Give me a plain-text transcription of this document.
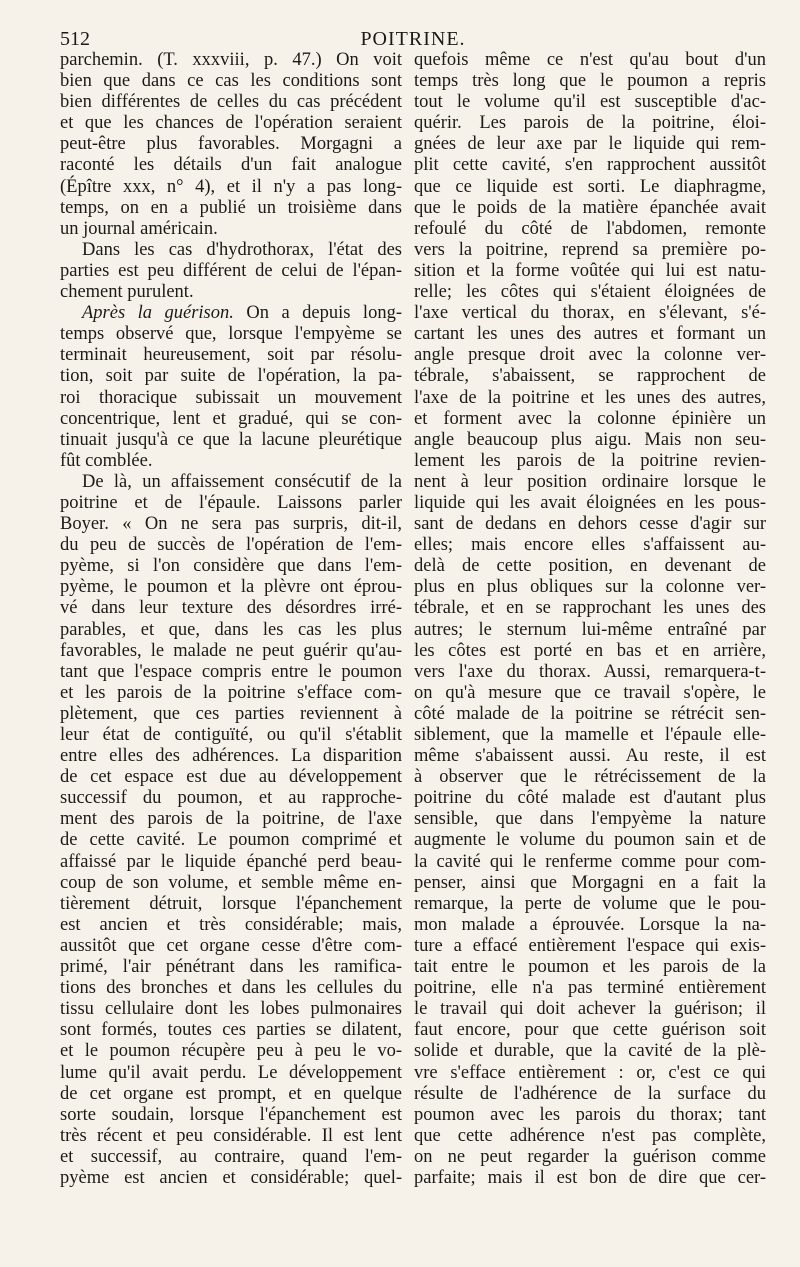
512	POITRINE.
parchemin. (T. xxxviii, p. 47.) On voit
bien que dans ce cas les conditions sont
bien différentes de celles du cas précédent
et que les chances de l'opération seraient
peut-être plus favorables. Morgagni a
raconté les détails d'un fait analogue
(Épître xxx, n° 4), et il n'y a pas long-
temps, on en a publié un troisième dans
un journal américain.
Dans les cas d'hydrothorax, l'état des
parties est peu différent de celui de l'épan-
chement purulent.
Après la guérison. On a depuis long-
temps observé que, lorsque l'empyème se
terminait heureusement, soit par résolu-
tion, soit par suite de l'opération, la pa-
roi thoracique subissait un mouvement
concentrique, lent et gradué, qui se con-
tinuait jusqu'à ce que la lacune pleurétique
fût comblée.
De là, un affaissement consécutif de la
poitrine et de l'épaule. Laissons parler
Boyer. « On ne sera pas surpris, dit-il,
du peu de succès de l'opération de l'em-
pyème, si l'on considère que dans l'em-
pyème, le poumon et la plèvre ont éprou-
vé dans leur texture des désordres irré-
parables, et que, dans les cas les plus
favorables, le malade ne peut guérir qu'au-
tant que l'espace compris entre le poumon
et les parois de la poitrine s'efface com-
plètement, que ces parties reviennent à
leur état de contiguïté, ou qu'il s'établit
entre elles des adhérences. La disparition
de cet espace est due au développement
successif du poumon, et au rapproche-
ment des parois de la poitrine, de l'axe
de cette cavité. Le poumon comprimé et
affaissé par le liquide épanché perd beau-
coup de son volume, et semble même en-
tièrement détruit, lorsque l'épanchement
est ancien et très considérable; mais,
aussitôt que cet organe cesse d'être com-
primé, l'air pénétrant dans les ramifica-
tions des bronches et dans les cellules du
tissu cellulaire dont les lobes pulmonaires
sont formés, toutes ces parties se dilatent,
et le poumon récupère peu à peu le vo-
lume qu'il avait perdu. Le développement
de cet organe est prompt, et en quelque
sorte soudain, lorsque l'épanchement est
très récent et peu considérable. Il est lent
et successif, au contraire, quand l'em-
pyème est ancien et considérable; quel-
quefois même ce n'est qu'au bout d'un
temps très long que le poumon a repris
tout le volume qu'il est susceptible d'ac-
quérir. Les parois de la poitrine, éloi-
gnées de leur axe par le liquide qui rem-
plit cette cavité, s'en rapprochent aussitôt
que ce liquide est sorti. Le diaphragme,
que le poids de la matière épanchée avait
refoulé du côté de l'abdomen, remonte
vers la poitrine, reprend sa première po-
sition et la forme voûtée qui lui est natu-
relle; les côtes qui s'étaient éloignées de
l'axe vertical du thorax, en s'élevant, s'é-
cartant les unes des autres et formant un
angle presque droit avec la colonne ver-
tébrale, s'abaissent, se rapprochent de
l'axe de la poitrine et les unes des autres,
et forment avec la colonne épinière un
angle beaucoup plus aigu. Mais non seu-
lement les parois de la poitrine revien-
nent à leur position ordinaire lorsque le
liquide qui les avait éloignées en les pous-
sant de dedans en dehors cesse d'agir sur
elles; mais encore elles s'affaissent au-
delà de cette position, en devenant de
plus en plus obliques sur la colonne ver-
tébrale, et en se rapprochant les unes des
autres; le sternum lui-même entraîné par
les côtes est porté en bas et en arrière,
vers l'axe du thorax. Aussi, remarquera-t-
on qu'à mesure que ce travail s'opère, le
côté malade de la poitrine se rétrécit sen-
siblement, que la mamelle et l'épaule elle-
même s'abaissent aussi. Au reste, il est
à observer que le rétrécissement de la
poitrine du côté malade est d'autant plus
sensible, que dans l'empyème la nature
augmente le volume du poumon sain et de
la cavité qui le renferme comme pour com-
penser, ainsi que Morgagni en a fait la
remarque, la perte de volume que le pou-
mon malade a éprouvée. Lorsque la na-
ture a effacé entièrement l'espace qui exis-
tait entre le poumon et les parois de la
poitrine, elle n'a pas terminé entièrement
le travail qui doit achever la guérison; il
faut encore, pour que cette guérison soit
solide et durable, que la cavité de la plè-
vre s'efface entièrement : or, c'est ce qui
résulte de l'adhérence de la surface du
poumon avec les parois du thorax; tant
que cette adhérence n'est pas complète,
on ne peut regarder la guérison comme
parfaite; mais il est bon de dire que cer-
